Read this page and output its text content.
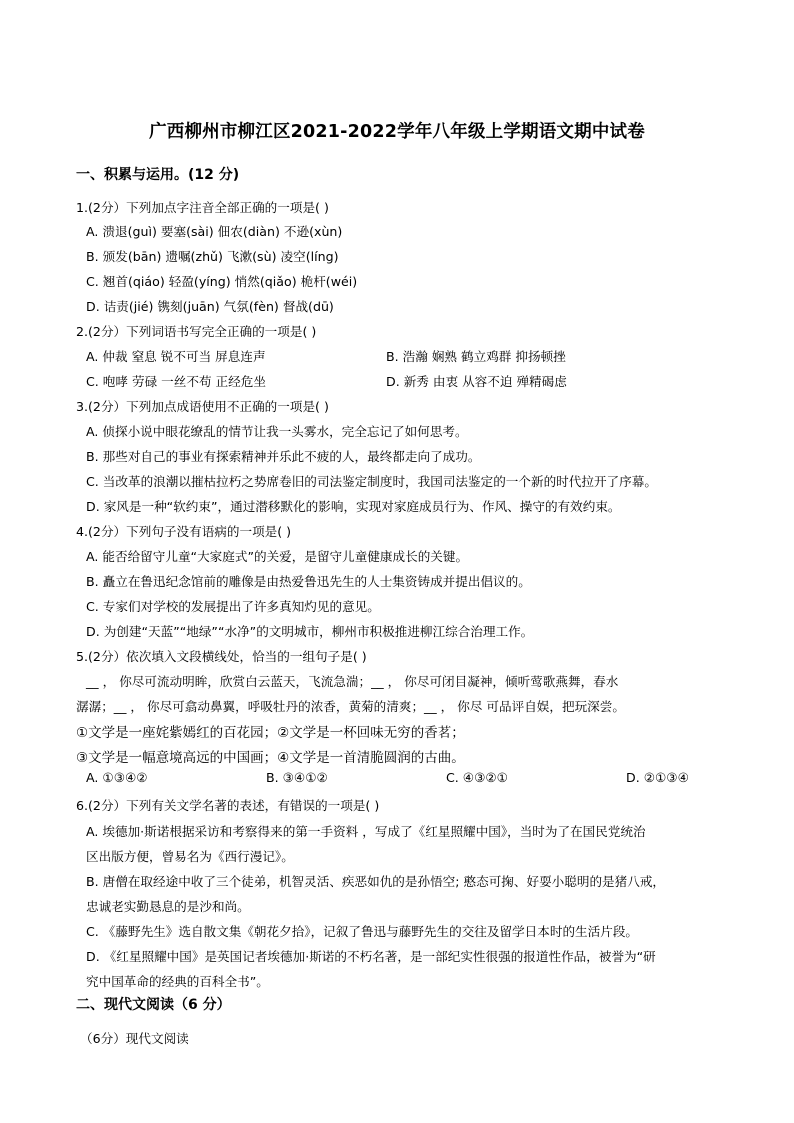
广西柳州市柳江区2021-2022学年八年级上学期语文期中试卷
一、积累与运用。(12 分)
1.(2分）下列加点字注音全部正确的一项是( )
A. 溃退(guì) 要塞(sài) 佃农(diàn) 不逊(xùn)
B. 颁发(bān) 遗嘱(zhǔ) 飞漱(sù) 凌空(líng)
C. 翘首(qiáo) 轻盈(yíng) 悄然(qiǎo) 桅杆(wéi)
D. 诘责(jié) 镌刻(juān) 气氛(fèn) 督战(dū)
2.(2分）下列词语书写完全正确的一项是( )
A. 仲裁 窒息 锐不可当 屏息连声	B. 浩瀚 娴熟 鹤立鸡群 抑扬顿挫
C. 咆哮 劳碌 一丝不苟 正经危坐	D. 新秀 由衷 从容不迫 殚精碣虑
3.(2分）下列加点成语使用不正确的一项是( )
A. 侦探小说中眼花缭乱的情节让我一头雾水，完全忘记了如何思考。
B. 那些对自己的事业有探索精神并乐此不疲的人，最终都走向了成功。
C. 当改革的浪潮以摧枯拉朽之势席卷旧的司法鉴定制度时，我国司法鉴定的一个新的时代拉开了序幕。
D. 家风是一种“软约束”，通过潜移默化的影响，实现对家庭成员行为、作风、操守的有效约束。
4.(2分）下列句子没有语病的一项是( )
A. 能否给留守儿童“大家庭式”的关爱，是留守儿童健康成长的关键。
B. 矗立在鲁迅纪念馆前的雕像是由热爱鲁迅先生的人士集资铸成并提出倡议的。
C. 专家们对学校的发展提出了许多真知灼见的意见。
D. 为创建“天蓝”“地绿”“水净”的文明城市，柳州市积极推进柳江综合治理工作。
5.(2分）依次填入文段横线处，恰当的一组句子是( )
__ ， 你尽可流动明眸，欣赏白云蓝天，飞流急湍；__ ， 你尽可闭目凝神，倾听莺歌燕舞，春水
潺潺；__ ， 你尽可翕动鼻翼，呼吸牡丹的浓香，黄菊的清爽；__ ， 你尽 可品评自娱，把玩深尝。
①文学是一座姹紫嫣红的百花园；②文学是一杯回味无穷的香茗；
③文学是一幅意境高远的中国画；④文学是一首清脆圆润的古曲。
A. ①③④②	B. ③④①②	C. ④③②①	D. ②①③④
6.(2分）下列有关文学名著的表述，有错误的一项是( )
A. 埃德加·斯诺根据采访和考察得来的第一手资料 ，写成了《红星照耀中国》，当时为了在国民党统治
区出版方便，曾易名为《西行漫记》。
B. 唐僧在取经途中收了三个徒弟，机智灵活、疾恶如仇的是孙悟空; 憨态可掬、好耍小聪明的是猪八戒，
忠诚老实勤恳息的是沙和尚。
C. 《藤野先生》选自散文集《朝花夕拾》，记叙了鲁迅与藤野先生的交往及留学日本时的生活片段。
D. 《红星照耀中国》是英国记者埃德加·斯诺的不朽名著，是一部纪实性很强的报道性作品，被誉为“研
究中国革命的经典的百科全书”。
二、现代文阅读（6 分）
（6分）现代文阅读
